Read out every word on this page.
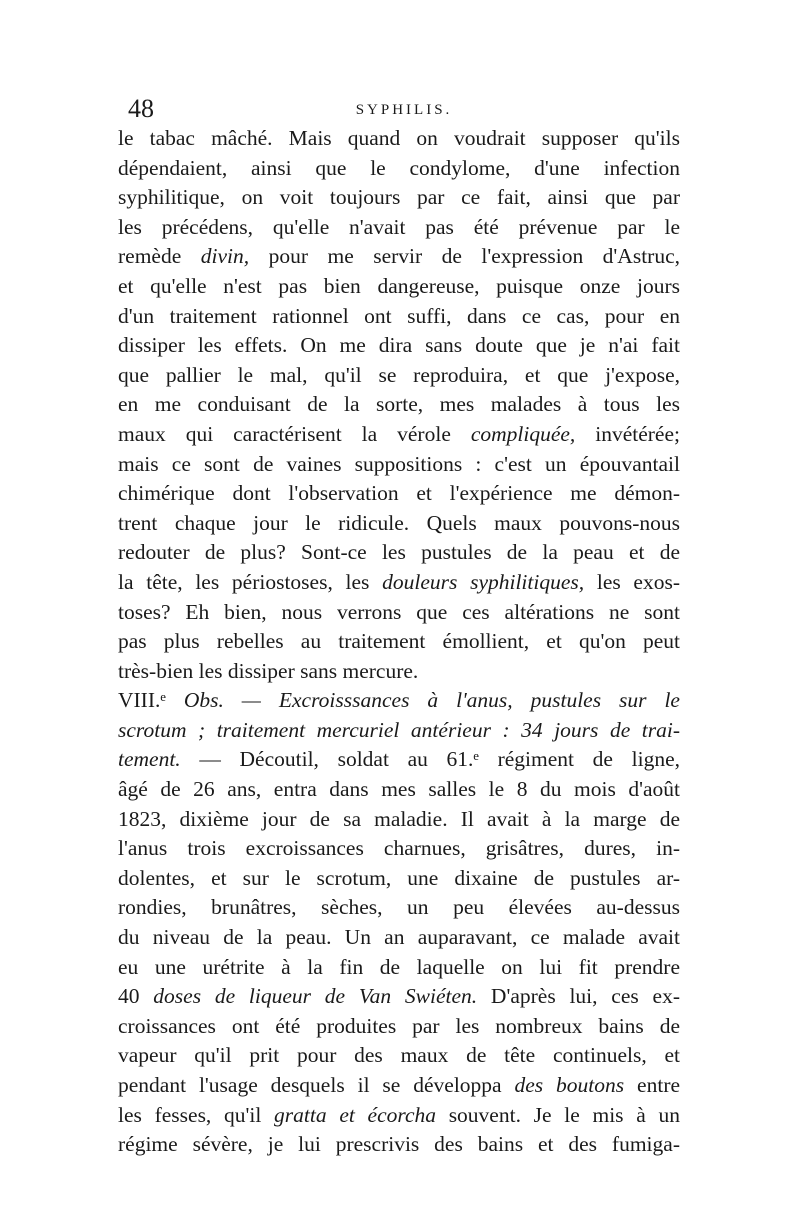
48	SYPHILIS.
le tabac mâché. Mais quand on voudrait supposer qu'ils
dépendaient, ainsi que le condylome, d'une infection
syphilitique, on voit toujours par ce fait, ainsi que par
les précédens, qu'elle n'avait pas été prévenue par le
remède divin, pour me servir de l'expression d'Astruc,
et qu'elle n'est pas bien dangereuse, puisque onze jours
d'un traitement rationnel ont suffi, dans ce cas, pour en
dissiper les effets. On me dira sans doute que je n'ai fait
que pallier le mal, qu'il se reproduira, et que j'expose,
en me conduisant de la sorte, mes malades à tous les
maux qui caractérisent la vérole compliquée, invétérée;
mais ce sont de vaines suppositions : c'est un épouvantail
chimérique dont l'observation et l'expérience me démon-
trent chaque jour le ridicule. Quels maux pouvons-nous
redouter de plus? Sont-ce les pustules de la peau et de
la tête, les périostoses, les douleurs syphilitiques, les exos-
toses? Eh bien, nous verrons que ces altérations ne sont
pas plus rebelles au traitement émollient, et qu'on peut
très-bien les dissiper sans mercure.
VIII.ᵉ Obs. — Excroisssances à l'anus, pustules sur le
scrotum ; traitement mercuriel antérieur : 34 jours de trai-
tement. — Découtil, soldat au 61.ᵉ régiment de ligne,
âgé de 26 ans, entra dans mes salles le 8 du mois d'août
1823, dixième jour de sa maladie. Il avait à la marge de
l'anus trois excroissances charnues, grisâtres, dures, in-
dolentes, et sur le scrotum, une dixaine de pustules ar-
rondies, brunâtres, sèches, un peu élevées au-dessus
du niveau de la peau. Un an auparavant, ce malade avait
eu une urétrite à la fin de laquelle on lui fit prendre
40 doses de liqueur de Van Swiéten. D'après lui, ces ex-
croissances ont été produites par les nombreux bains de
vapeur qu'il prit pour des maux de tête continuels, et
pendant l'usage desquels il se développa des boutons entre
les fesses, qu'il gratta et écorcha souvent. Je le mis à un
régime sévère, je lui prescrivis des bains et des fumiga-
